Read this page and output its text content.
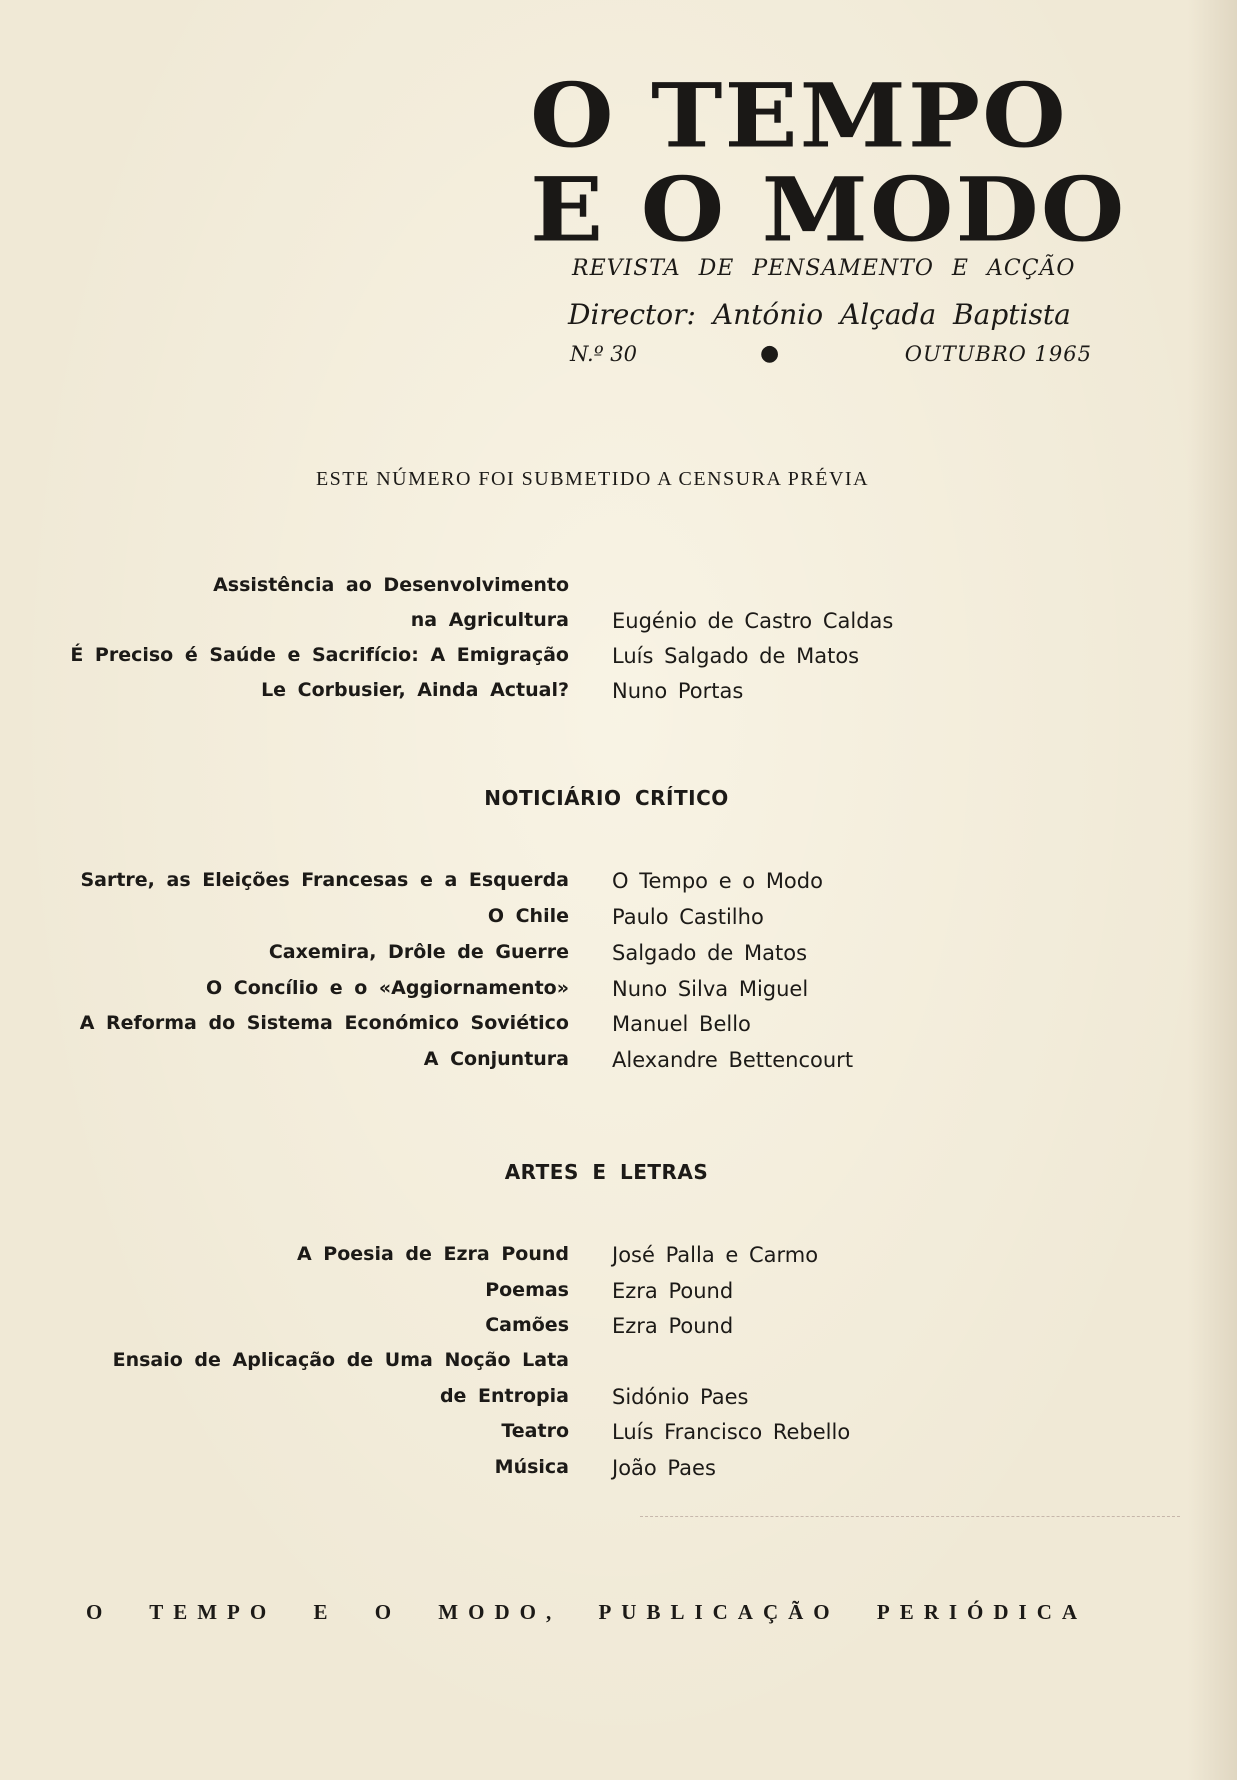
O TEMPO
E O MODO
REVISTA DE PENSAMENTO E ACÇÃO
Director: António Alçada Baptista
N.º 30	●	OUTUBRO 1965
ESTE NÚMERO FOI SUBMETIDO A CENSURA PRÉVIA
Assistência ao Desenvolvimento
na Agricultura Eugénio de Castro Caldas
É Preciso é Saúde e Sacrifício: A Emigração Luís Salgado de Matos
Le Corbusier, Ainda Actual? Nuno Portas
NOTICIÁRIO CRÍTICO
Sartre, as Eleições Francesas e a Esquerda O Tempo e o Modo
O Chile Paulo Castilho
Caxemira, Drôle de Guerre Salgado de Matos
O Concílio e o «Aggiornamento» Nuno Silva Miguel
A Reforma do Sistema Económico Soviético Manuel Bello
A Conjuntura Alexandre Bettencourt
ARTES E LETRAS
A Poesia de Ezra Pound José Palla e Carmo
Poemas Ezra Pound
Camões Ezra Pound
Ensaio de Aplicação de Uma Noção Lata
de Entropia Sidónio Paes
Teatro Luís Francisco Rebello
Música João Paes
O TEMPO E O MODO, PUBLICAÇÃO PERIÓDICA
